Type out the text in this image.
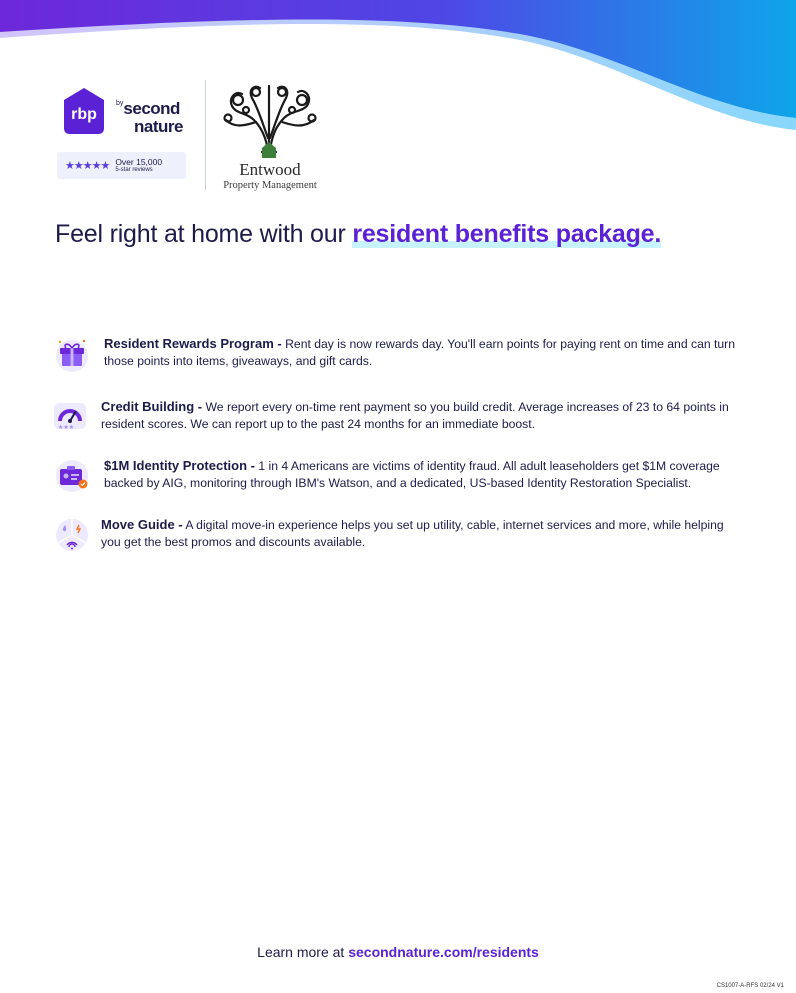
rbp
$^{by}$second
nature
★★★★★ Over 15,000
5-star reviews	Entwood
Property Management
Feel right at home with our resident benefits package.

Resident Rewards Program - Rent day is now rewards day. You'll earn points for paying rent on time and can turn those points into items, giveaways, and gift cards.

★★★

Credit Building - We report every on-time rent payment so you build credit. Average increases of 23 to 64 points in resident scores. We can report up to the past 24 months for an immediate boost.

$1M Identity Protection - 1 in 4 Americans are victims of identity fraud. All adult leaseholders get $1M coverage backed by AIG, monitoring through IBM's Watson, and a dedicated, US-based Identity Restoration Specialist.

Move Guide - A digital move-in experience helps you set up utility, cable, internet services and more, while helping you get the best promos and discounts available.

Learn more at secondnature.com/residents
CS1007-A-RFS 02/24 V1
